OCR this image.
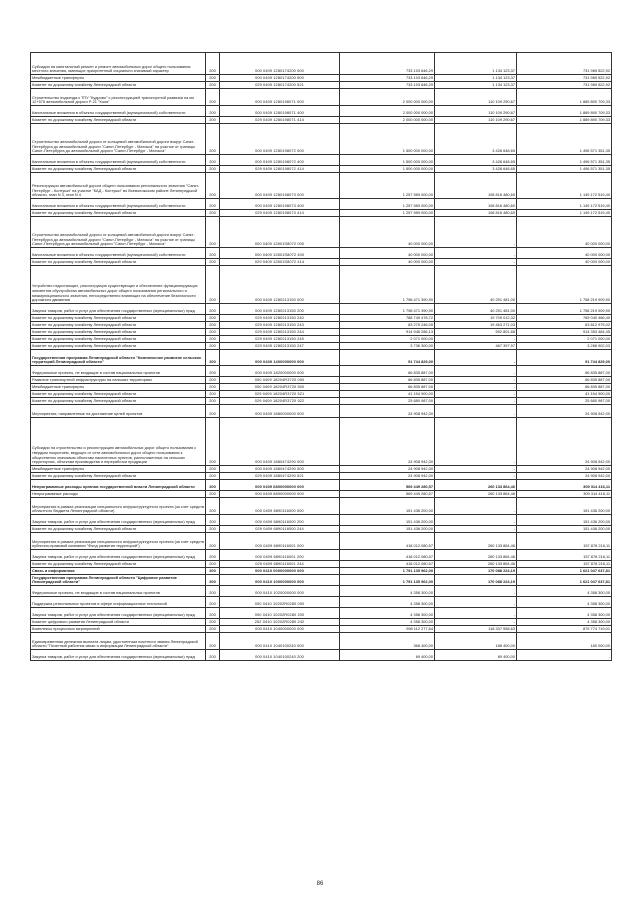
Субсидия на капитальный ремонт и ремонт автомобильных дорог общего пользования местного значения, имеющих приоритетный социально значимый характер	200	000 0409 1280174200 000	733 103 646,29	1 134 123,37	731 969 522,92
Межбюджетные трансферты	200	000 0409 1280174200 500	733 103 646,29	1 134 123,37	731 969 522,92
Комитет по дорожному хозяйству Ленинградской области	200	029 0409 1280174200 521	733 103 646,29	1 134 123,37	731 969 522,92
Строительство подъезда к ТПУ "Кудрово" с реконструкцией транспортной развязки на км 12+575 автомобильной дороги Р-21 "Кола"	200	000 0409 1280198071 000	2 000 000 000,00	110 109 290,67	1 889 890 709,33
Капитальные вложения в объекты государственной (муниципальной) собственности	200	000 0409 1280198071 400	2 000 000 000,00	110 109 290,67	1 889 890 709,33
Комитет по дорожному хозяйству Ленинградской области	200	029 0409 1280198071 414	2 000 000 000,00	110 109 290,67	1 889 890 709,33
Строительство автомобильной дороги от кольцевой автомобильной дороги вокруг Санкт-Петербурга до автомобильной дороги "Санкт-Петербург - Матокса" на участке от границы Санкт-Петербурга до автомобильной дороги "Санкт-Петербург - Матокса"	200	000 0409 1280198072 000	1 500 000 000,00	3 428 648,65	1 496 571 351,35
Капитальные вложения в объекты государственной (муниципальной) собственности	200	000 0409 1280198072 400	1 500 000 000,00	3 428 648,65	1 496 571 351,35
Комитет по дорожному хозяйству Ленинградской области	200	029 0409 1280198072 414	1 500 000 000,00	3 428 648,65	1 496 571 351,35
Реконструкция автомобильной дороги общего пользования регионального значения "Санкт-Петербург - Колтуши" на участке "КАД - Колтуши" во Всеволожском районе Ленинградской области, этап N 3, этап N 4	200	000 0409 1280198073 000	1 257 989 000,00	108 816 480,60	1 149 172 519,40
Капитальные вложения в объекты государственной (муниципальной) собственности	200	000 0409 1280198073 400	1 257 989 000,00	108 816 480,60	1 149 172 519,40
Комитет по дорожному хозяйству Ленинградской области	200	029 0409 1280198073 414	1 257 989 000,00	108 816 480,60	1 149 172 519,40
Строительство автомобильной дороги от кольцевой автомобильной дороги вокруг Санкт-Петербурга до автомобильной дороги "Санкт-Петербург - Матокса" на участке от границы Санкт-Петербурга до автомобильной дороги "Санкт-Петербург - Матокса"	200	000 0409 12801S8072 000	40 000 000,00	-	40 000 000,00
Капитальные вложения в объекты государственной (муниципальной) собственности	200	000 0409 12801S8072 400	40 000 000,00	-	40 000 000,00
Комитет по дорожному хозяйству Ленинградской области	200	029 0409 12801S8072 414	40 000 000,00	-	40 000 000,00
Устройство недостающих, реконструкция существующих и обеспечение функционирующих элементов обустройства автомобильных дорог общего пользования регионального и межмуниципального значения, непосредственно влияющих на обеспечение безопасности дорожного движения	200	000 0409 1280213150 000	1 798 471 390,90	40 251 481,00	1 758 219 909,90
Закупка товаров, работ и услуг для обеспечения государственных (муниципальных) нужд	200	000 0409 1280213150 200	1 798 471 390,90	40 251 481,00	1 758 219 909,90
Комитет по дорожному хозяйству Ленинградской области	200	029 0409 1280213150 240	788 749 478,72	19 709 012,32	769 040 466,40
Комитет по дорожному хозяйству Ленинградской области	200	029 0409 1280213150 243	83 275 246,05	19 463 271,03	63 812 975,02
Комитет по дорожному хозяйству Ленинградской области	200	029 0409 1280213150 244	914 946 286,13	592 801,68	914 353 484,45
Комитет по дорожному хозяйству Ленинградской области	200	029 0409 1280213150 245	2 071 000,00	-	2 071 000,00
Комитет по дорожному хозяйству Ленинградской области	200	029 0409 1280213150 247	3 736 300,00	467 397,97	3 268 902,03
Государственная программа Ленинградской области "Комплексное развитие сельских территорий Ленинградской области"	200	000 0409 1400000000 000	91 744 829,00	-	91 744 829,00
Федеральные проекты, не входящие в состав национальных проектов	200	000 0409 1820000000 000	66 835 887,00	-	66 835 887,00
Развитие транспортной инфраструктуры на сельских территориях	200	000 0409 18204R3720 000	66 835 887,00	-	66 835 887,00
Межбюджетные трансферты	200	000 0409 18204R3720 500	66 835 887,00	-	66 835 887,00
Комитет по дорожному хозяйству Ленинградской области	200	029 0409 18204R3720 521	41 154 900,00	-	41 154 900,00
Комитет по дорожному хозяйству Ленинградской области	200	029 0409 18204R3720 522	25 680 987,00	-	25 680 987,00
Мероприятия, направленные на достижение целей проектов	200	000 0409 1880000000 000	24 908 942,00	-	24 908 942,00
Субсидии на строительство и реконструкцию автомобильных дорог общего пользования с твердым покрытием, ведущих от сети автомобильных дорог общего пользования к общественно значимым объектам населенных пунктов, расположенных на сельских территориях, объектам производства и переработки продукции	200	000 0409 1880474290 000	24 908 942,00	-	24 908 942,00
Межбюджетные трансферты	200	000 0409 1880474290 500	24 908 942,00	-	24 908 942,00
Комитет по дорожному хозяйству Ленинградской области	200	029 0409 1880474290 521	24 908 942,00	-	24 908 942,00
Непрограммные расходы органов государственной власти Ленинградской области	200	000 0409 6800000000 000	569 449 280,57	260 133 864,46	309 314 416,11
Непрограммные расходы	200	000 0409 6890000000 000	569 449 280,57	260 133 864,46	309 314 416,11
Мероприятия в рамках реализации специального инфраструктурного проекта (за счет средств областного бюджета Ленинградской области)	200	000 0409 6890116000 000	151 436 200,00	-	151 436 200,00
Закупка товаров, работ и услуг для обеспечения государственных (муниципальных) нужд	200	000 0409 6890116000 200	151 436 200,00	-	151 436 200,00
Комитет по дорожному хозяйству Ленинградской области	200	029 0409 6890116000 244	151 436 200,00	-	151 436 200,00
Мероприятия в рамках реализации специального инфраструктурного проекта (за счет средств публично-правовой компании "Фонд развития территорий")	200	000 0409 6890116001 000	418 012 080,57	260 133 864,46	157 878 216,11
Закупка товаров, работ и услуг для обеспечения государственных (муниципальных) нужд	200	000 0409 6890116001 200	418 012 080,57	260 133 864,46	157 878 216,11
Комитет по дорожному хозяйству Ленинградской области	200	029 0409 6890116001 244	418 012 080,57	260 133 864,46	157 878 216,11
Связь и информатика	200	000 0410 0000000000 000	1 791 135 962,00	170 088 224,19	1 621 047 637,81
Государственная программа Ленинградской области "Цифровое развитие Ленинградской области"	200	000 0410 1000000000 000	1 791 135 962,00	170 088 224,19	1 621 047 637,81
Федеральные проекты, не входящие в состав национальных проектов	200	000 0410 1020000000 000	4 358 300,00	-	4 358 300,00
Поддержка региональных проектов в сфере информационных технологий	200	000 0410 10202R0280 000	4 358 300,00	-	4 358 300,00
Закупка товаров, работ и услуг для обеспечения государственных (муниципальных) нужд	200	000 0410 10202R0280 200	4 358 300,00	-	4 358 300,00
Комитет цифрового развития Ленинградской области	200	252 0410 10202R0280 242	4 358 300,00	-	4 358 300,00
Комплексы процессных мероприятий	200	000 0410 1040000000 000	998 112 277,64	118 337 558,63	879 774 719,01
Единовременная денежная выплата лицам, удостоенным почетного звания Ленинградской области "Почетный работник связи и информации Ленинградской области"	200	000 0410 1040100240 000	368 400,00	188 400,00	180 000,00
Закупка товаров, работ и услуг для обеспечения государственных (муниципальных) нужд	200	000 0410 1040100240 200	69 400,00	69 400,00	-
86
